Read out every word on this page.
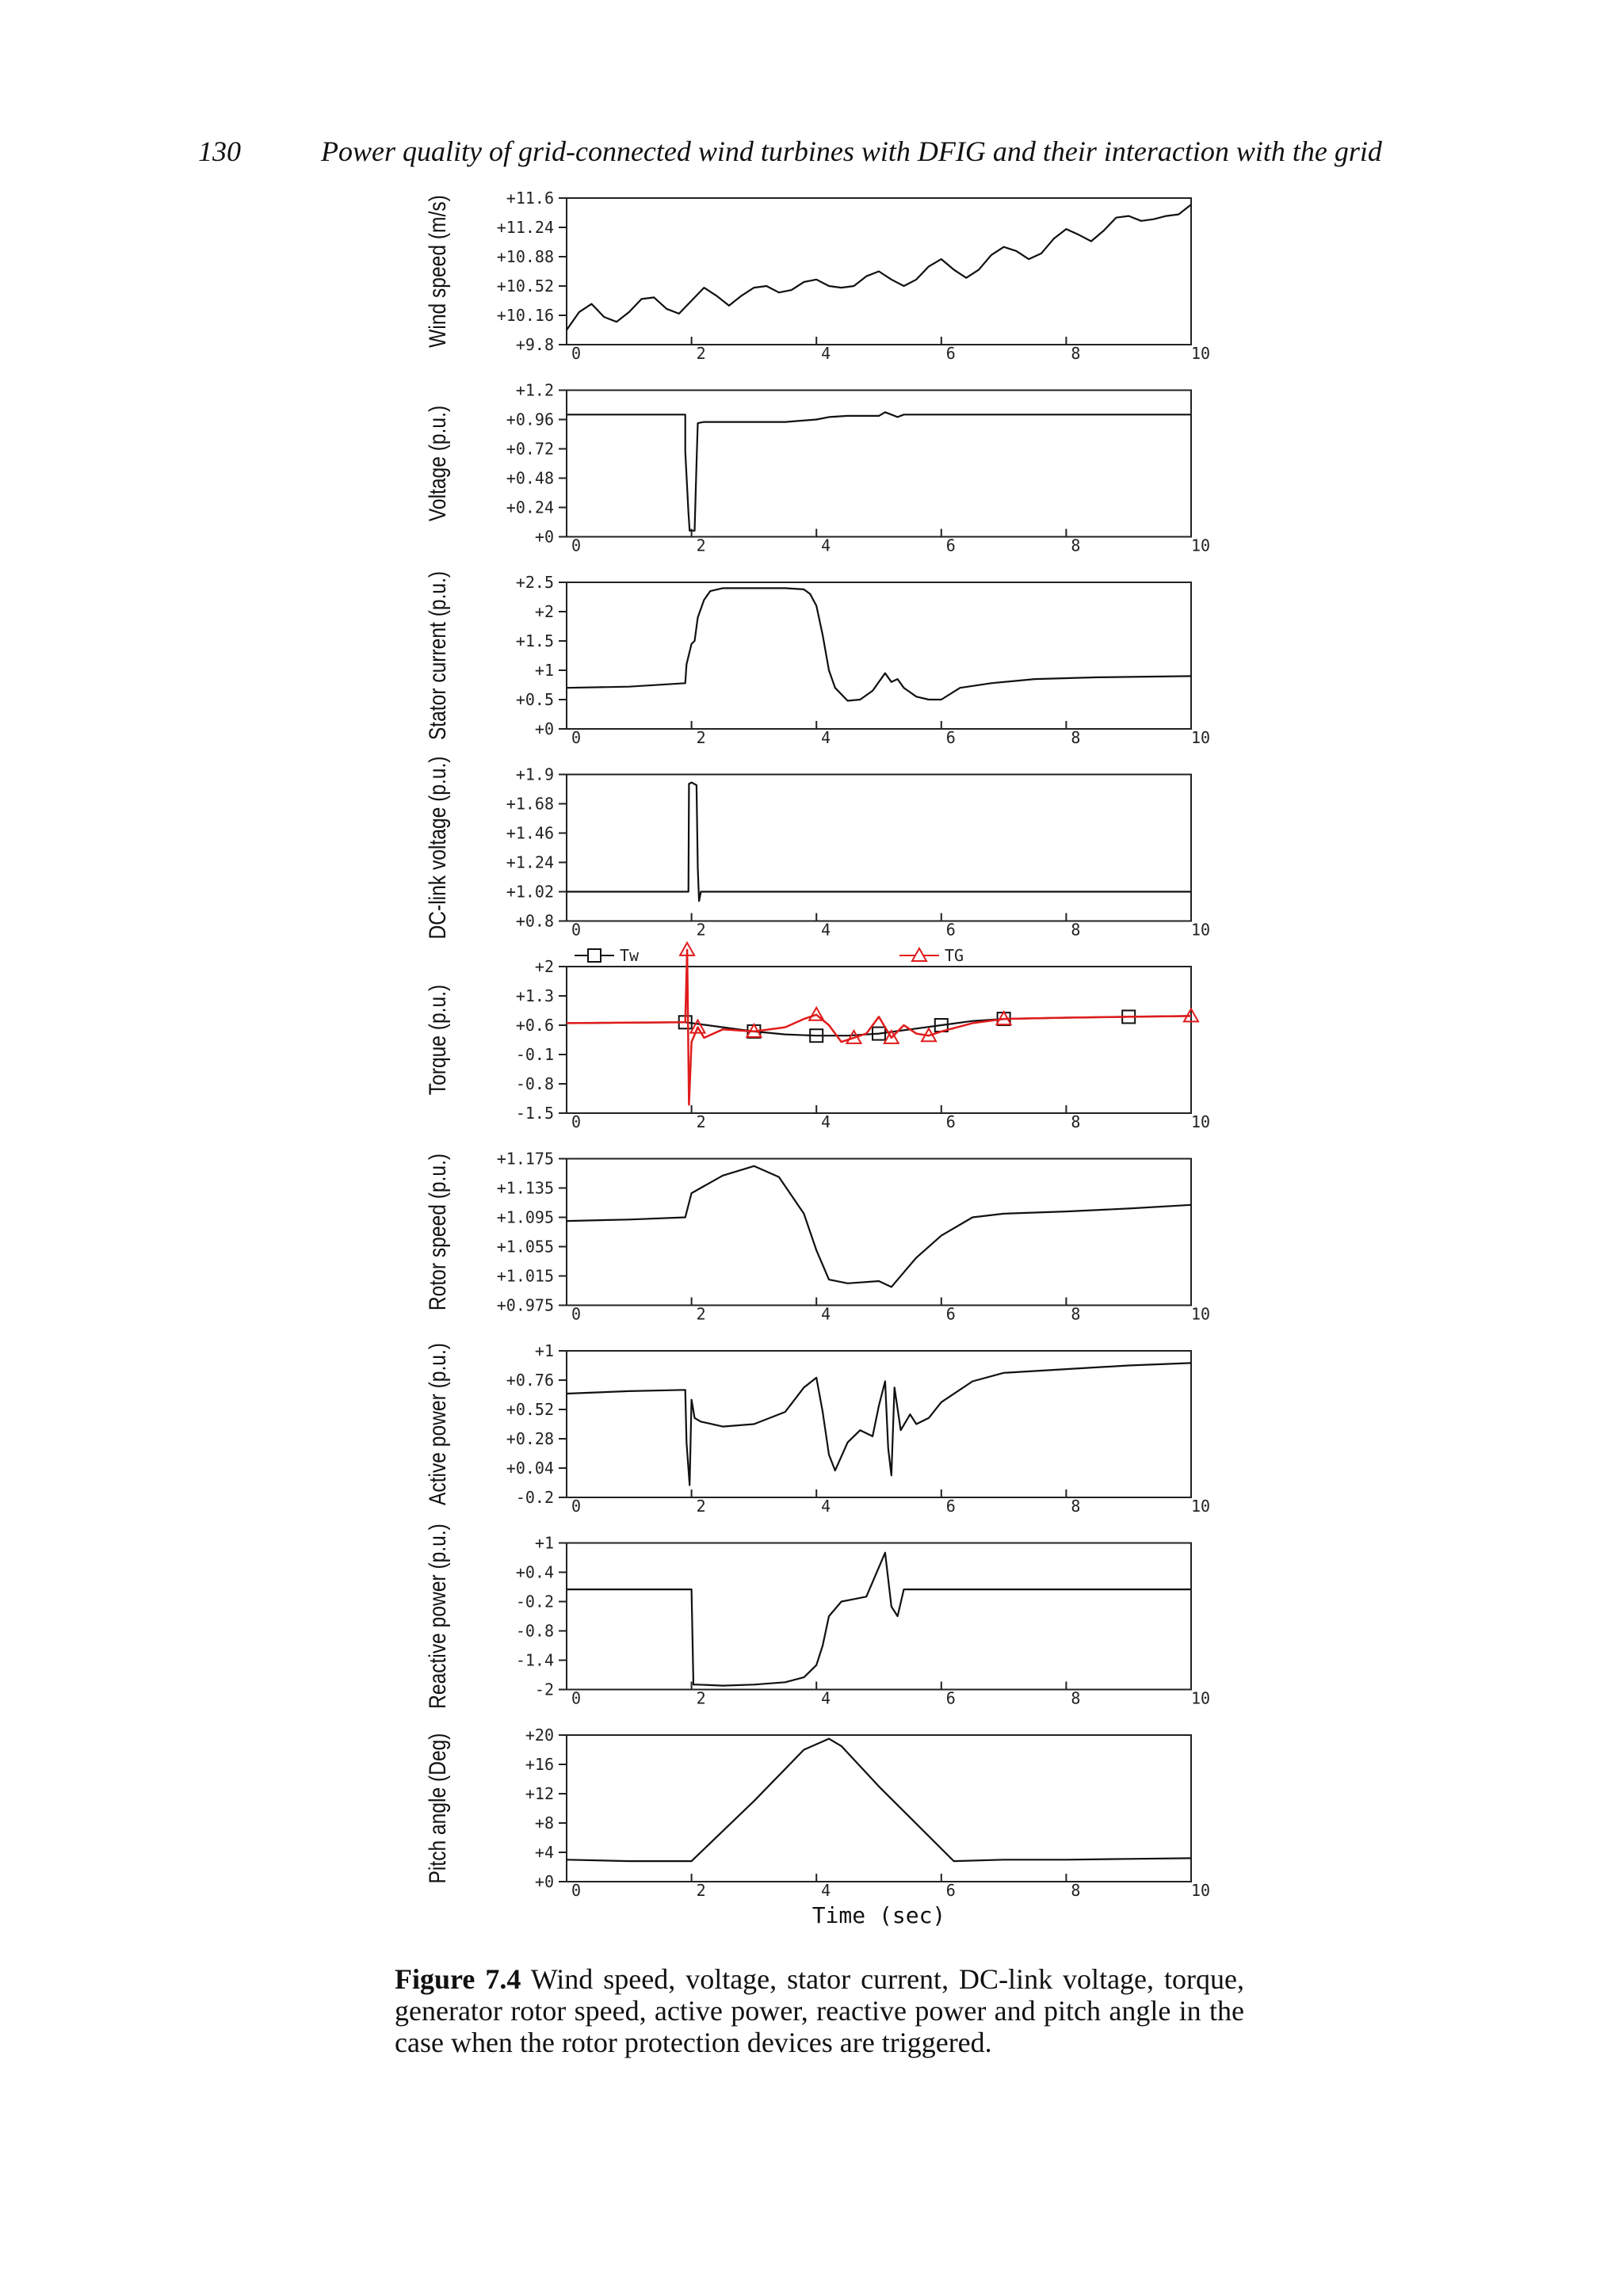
130	Power quality of grid-connected wind turbines with DFIG and their interaction with the grid
+11.6
+11.24
+10.88
+10.52
+10.16
+9.8 0	2	4	6	8	10
Wind speed (m/s)
+1.2
+0.96
+0.72
+0.48
+0.24
+0 0	2	4	6	8	10
Voltage (p.u.)
+2.5
+2
+1.5
+1
+0.5
+0 0	2	4	6	8	10
Stator current (p.u.)
+1.9
+1.68
+1.46
+1.24
+1.02
+0.8 0	2	4	6	8	10
DC-link voltage (p.u.)
+2
+1.3
+0.6
-0.1
-0.8
-1.5 0	2	4	6	8	10
Torque (p.u.)
Tw	TG
+1.175
+1.135
+1.095
+1.055
+1.015
+0.975 0	2	4	6	8	10
Rotor speed (p.u.)
+1
+0.76
+0.52
+0.28
+0.04
-0.2 0	2	4	6	8	10
Active power (p.u.)
+1
+0.4
-0.2
-0.8
-1.4
-2 0	2	4	6	8	10
Reactive power (p.u.)
+20
+16
+12
+8
+4
+0 0	2	4	6	8	10
Pitch angle (Deg)
Time (sec)
Figure 7.4 Wind speed, voltage, stator current, DC-link voltage, torque, generator rotor speed, active power, reactive power and pitch angle in the case when the rotor protection devices are triggered.
